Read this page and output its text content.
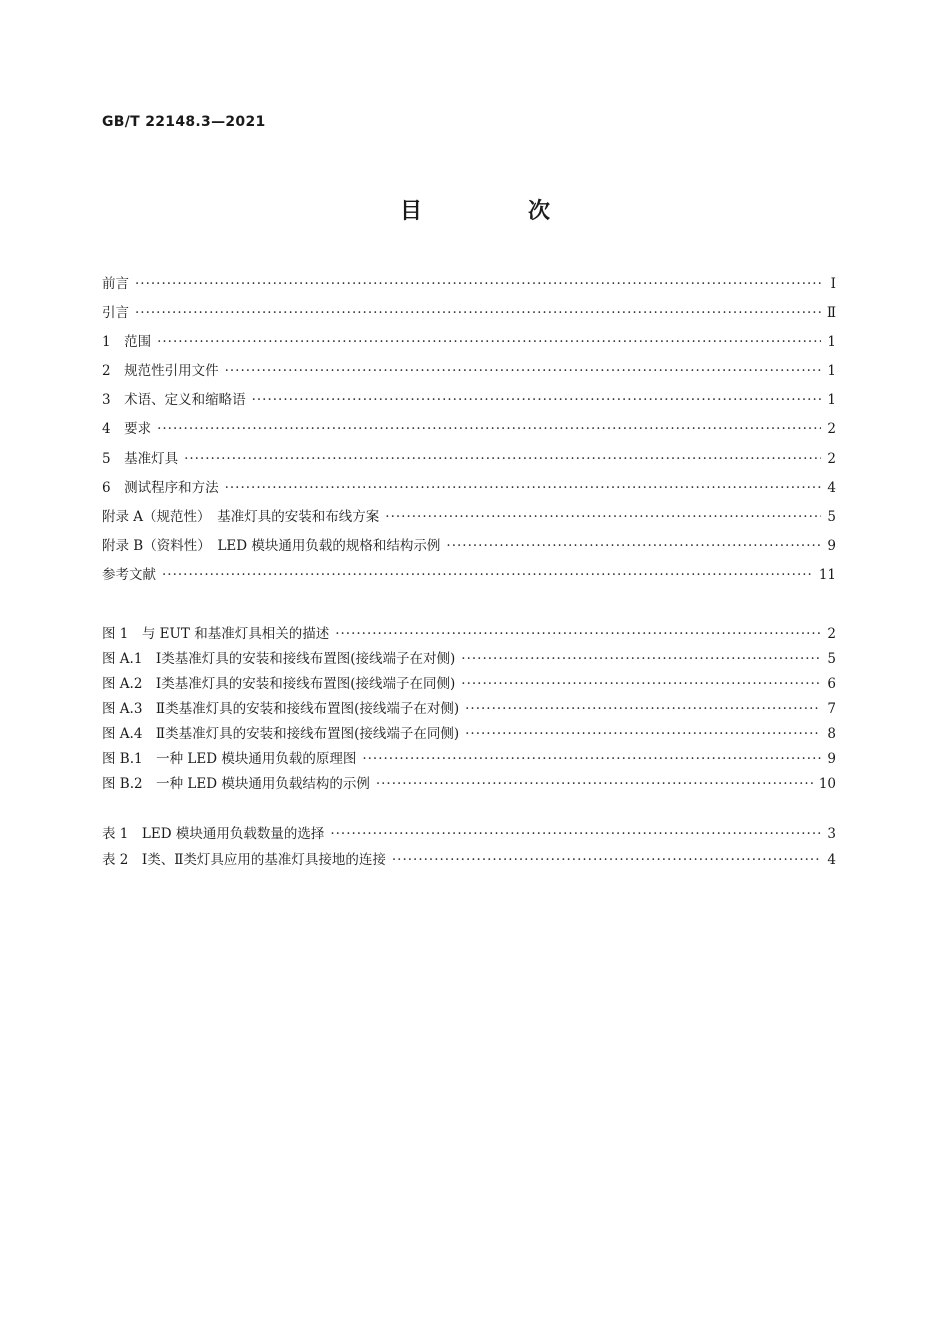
GB/T 22148.3—2021
目　次
前言 ·····	Ⅰ
引言 ·····	Ⅱ
1　范围 ·····	1
2　规范性引用文件 ·····	1
3　术语、定义和缩略语 ·····	1
4　要求 ·····	2
5　基准灯具 ·····	2
6　测试程序和方法 ·····	4
附录 A（规范性）　基准灯具的安装和布线方案 ·····	5
附录 B（资料性）　LED 模块通用负载的规格和结构示例 ·····	9
参考文献 ·····	11
图 1　与 EUT 和基准灯具相关的描述 ·····	2
图 A.1　Ⅰ类基准灯具的安装和接线布置图(接线端子在对侧) ·····	5
图 A.2　Ⅰ类基准灯具的安装和接线布置图(接线端子在同侧) ·····	6
图 A.3　Ⅱ类基准灯具的安装和接线布置图(接线端子在对侧) ·····	7
图 A.4　Ⅱ类基准灯具的安装和接线布置图(接线端子在同侧) ·····	8
图 B.1　一种 LED 模块通用负载的原理图 ·····	9
图 B.2　一种 LED 模块通用负载结构的示例 ·····	10
表 1　LED 模块通用负载数量的选择 ·····	3
表 2　Ⅰ类、Ⅱ类灯具应用的基准灯具接地的连接 ·····	4
